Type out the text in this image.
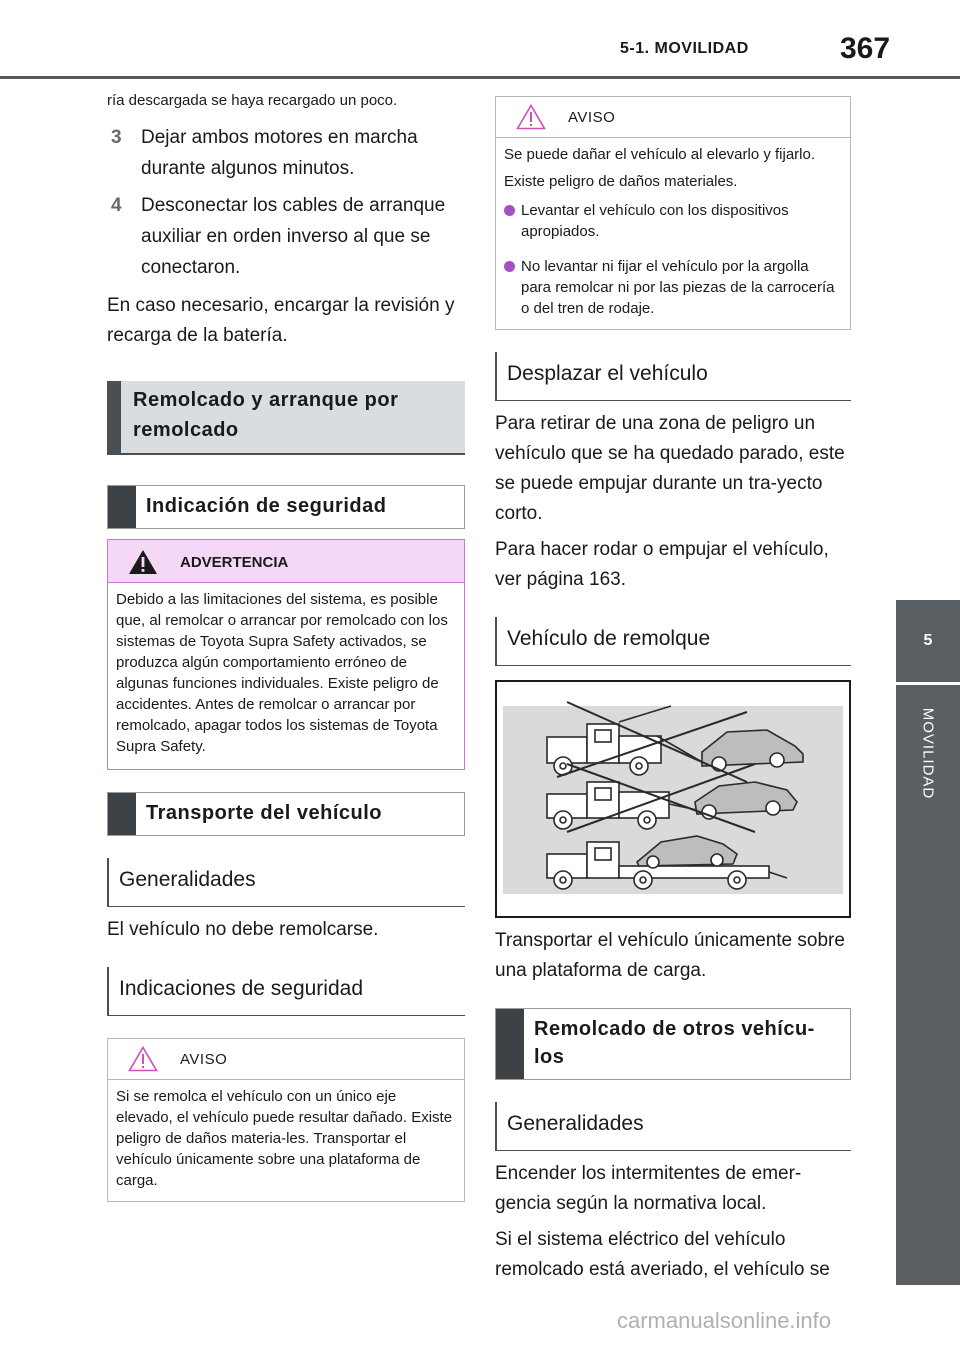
5-1. MOVILIDAD	367
5
MOVILIDAD
ría descargada se haya recargado un poco.
3	Dejar ambos motores en marcha durante algunos minutos.
4	Desconectar los cables de arranque auxiliar en orden inverso al que se conectaron.
En caso necesario, encargar la revisión y recarga de la batería.
Remolcado y arranque por remolcado
Indicación de seguridad
ADVERTENCIA
Debido a las limitaciones del sistema, es posible que, al remolcar o arrancar por remolcado con los sistemas de Toyota Supra Safety activados, se produzca algún comportamiento erróneo de algunas funciones individuales. Existe peligro de accidentes. Antes de remolcar o arrancar por remolcado, apagar todos los sistemas de Toyota Supra Safety.
Transporte del vehículo
Generalidades
El vehículo no debe remolcarse.
Indicaciones de seguridad
AVISO
Si se remolca el vehículo con un único eje elevado, el vehículo puede resultar dañado. Existe peligro de daños materia-les. Transportar el vehículo únicamente sobre una plataforma de carga.
AVISO
Se puede dañar el vehículo al elevarlo y fijarlo.
Existe peligro de daños materiales.
Levantar el vehículo con los dispositivos apropiados.
No levantar ni fijar el vehículo por la argolla para remolcar ni por las piezas de la carrocería o del tren de rodaje.
Desplazar el vehículo
Para retirar de una zona de peligro un vehículo que se ha quedado parado, este se puede empujar durante un tra-yecto corto.
Para hacer rodar o empujar el vehículo, ver página 163.
Vehículo de remolque
Transportar el vehículo únicamente sobre una plataforma de carga.
Remolcado de otros vehícu-los
Generalidades
Encender los intermitentes de emer-gencia según la normativa local.
Si el sistema eléctrico del vehículo remolcado está averiado, el vehículo se
carmanualsonline.info
